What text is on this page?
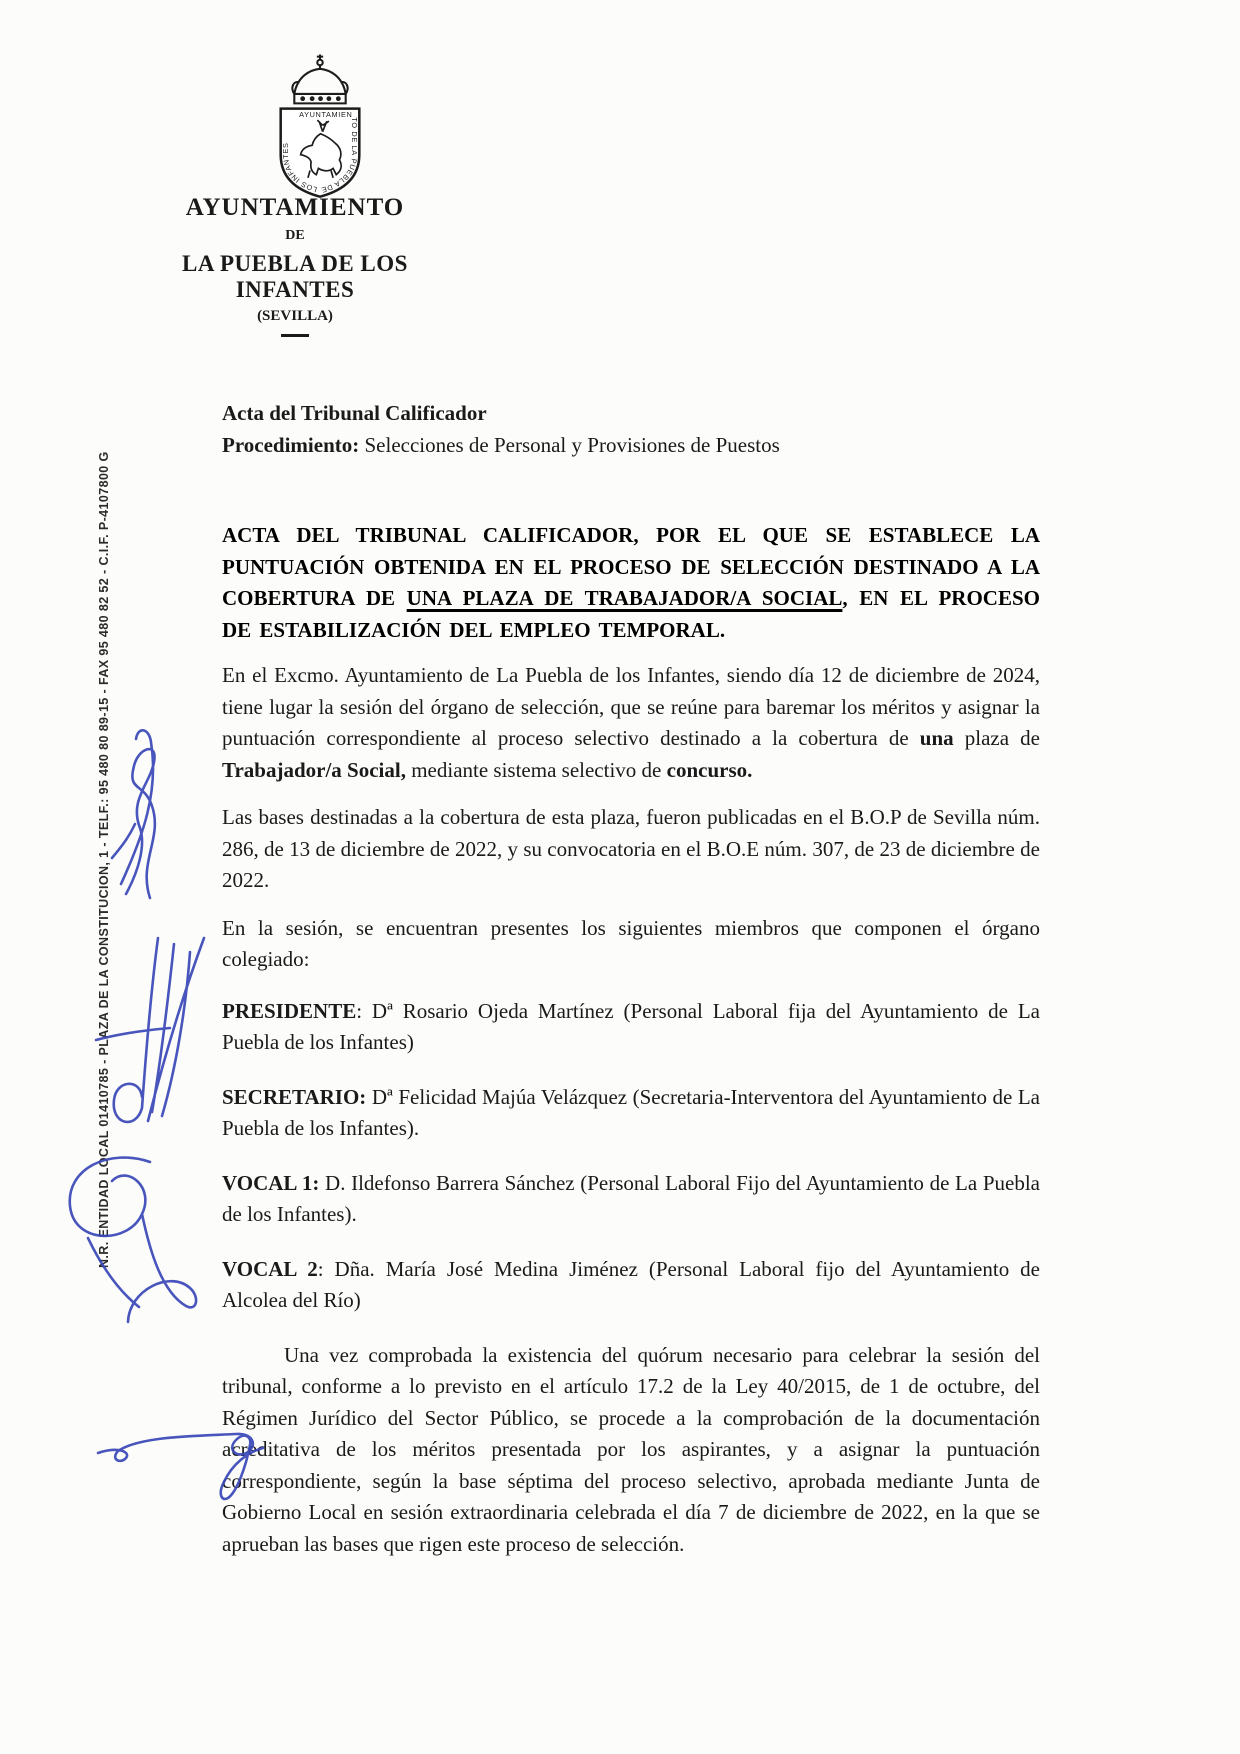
AYUNTAMIENTO DE LA PUEBLA DE LOS INFANTES
AYUNTAMIENTO
DE
LA PUEBLA DE LOS INFANTES
(SEVILLA)
N.R. ENTIDAD LOCAL 01410785 - PLAZA DE LA CONSTITUCION, 1 - TELF.: 95 480 80 89-15 - FAX 95 480 82 52 - C.I.F. P-4107800 G

Acta del Tribunal Calificador

Procedimiento: Selecciones de Personal y Provisiones de Puestos

ACTA DEL TRIBUNAL CALIFICADOR, POR EL QUE SE ESTABLECE LA PUNTUACIÓN OBTENIDA EN EL PROCESO DE SELECCIÓN DESTINADO A LA COBERTURA DE UNA PLAZA DE TRABAJADOR/A SOCIAL, EN EL PROCESO DE ESTABILIZACIÓN DEL EMPLEO TEMPORAL.

En el Excmo. Ayuntamiento de La Puebla de los Infantes, siendo día 12 de diciembre de 2024, tiene lugar la sesión del órgano de selección, que se reúne para baremar los méritos y asignar la puntuación correspondiente al proceso selectivo destinado a la cobertura de una plaza de Trabajador/a Social, mediante sistema selectivo de concurso.

Las bases destinadas a la cobertura de esta plaza, fueron publicadas en el B.O.P de Sevilla núm. 286, de 13 de diciembre de 2022, y su convocatoria en el B.O.E núm. 307, de 23 de diciembre de 2022.

En la sesión, se encuentran presentes los siguientes miembros que componen el órgano colegiado:

PRESIDENTE: Dª Rosario Ojeda Martínez (Personal Laboral fija del Ayuntamiento de La Puebla de los Infantes)

SECRETARIO: Dª Felicidad Majúa Velázquez (Secretaria-Interventora del Ayuntamiento de La Puebla de los Infantes).

VOCAL 1: D. Ildefonso Barrera Sánchez (Personal Laboral Fijo del Ayuntamiento de La Puebla de los Infantes).

VOCAL 2: Dña. María José Medina Jiménez (Personal Laboral fijo del Ayuntamiento de Alcolea del Río)

Una vez comprobada la existencia del quórum necesario para celebrar la sesión del tribunal, conforme a lo previsto en el artículo 17.2 de la Ley 40/2015, de 1 de octubre, del Régimen Jurídico del Sector Público, se procede a la comprobación de la documentación acreditativa de los méritos presentada por los aspirantes, y a asignar la puntuación correspondiente, según la base séptima del proceso selectivo, aprobada mediante Junta de Gobierno Local en sesión extraordinaria celebrada el día 7 de diciembre de 2022, en la que se aprueban las bases que rigen este proceso de selección.
